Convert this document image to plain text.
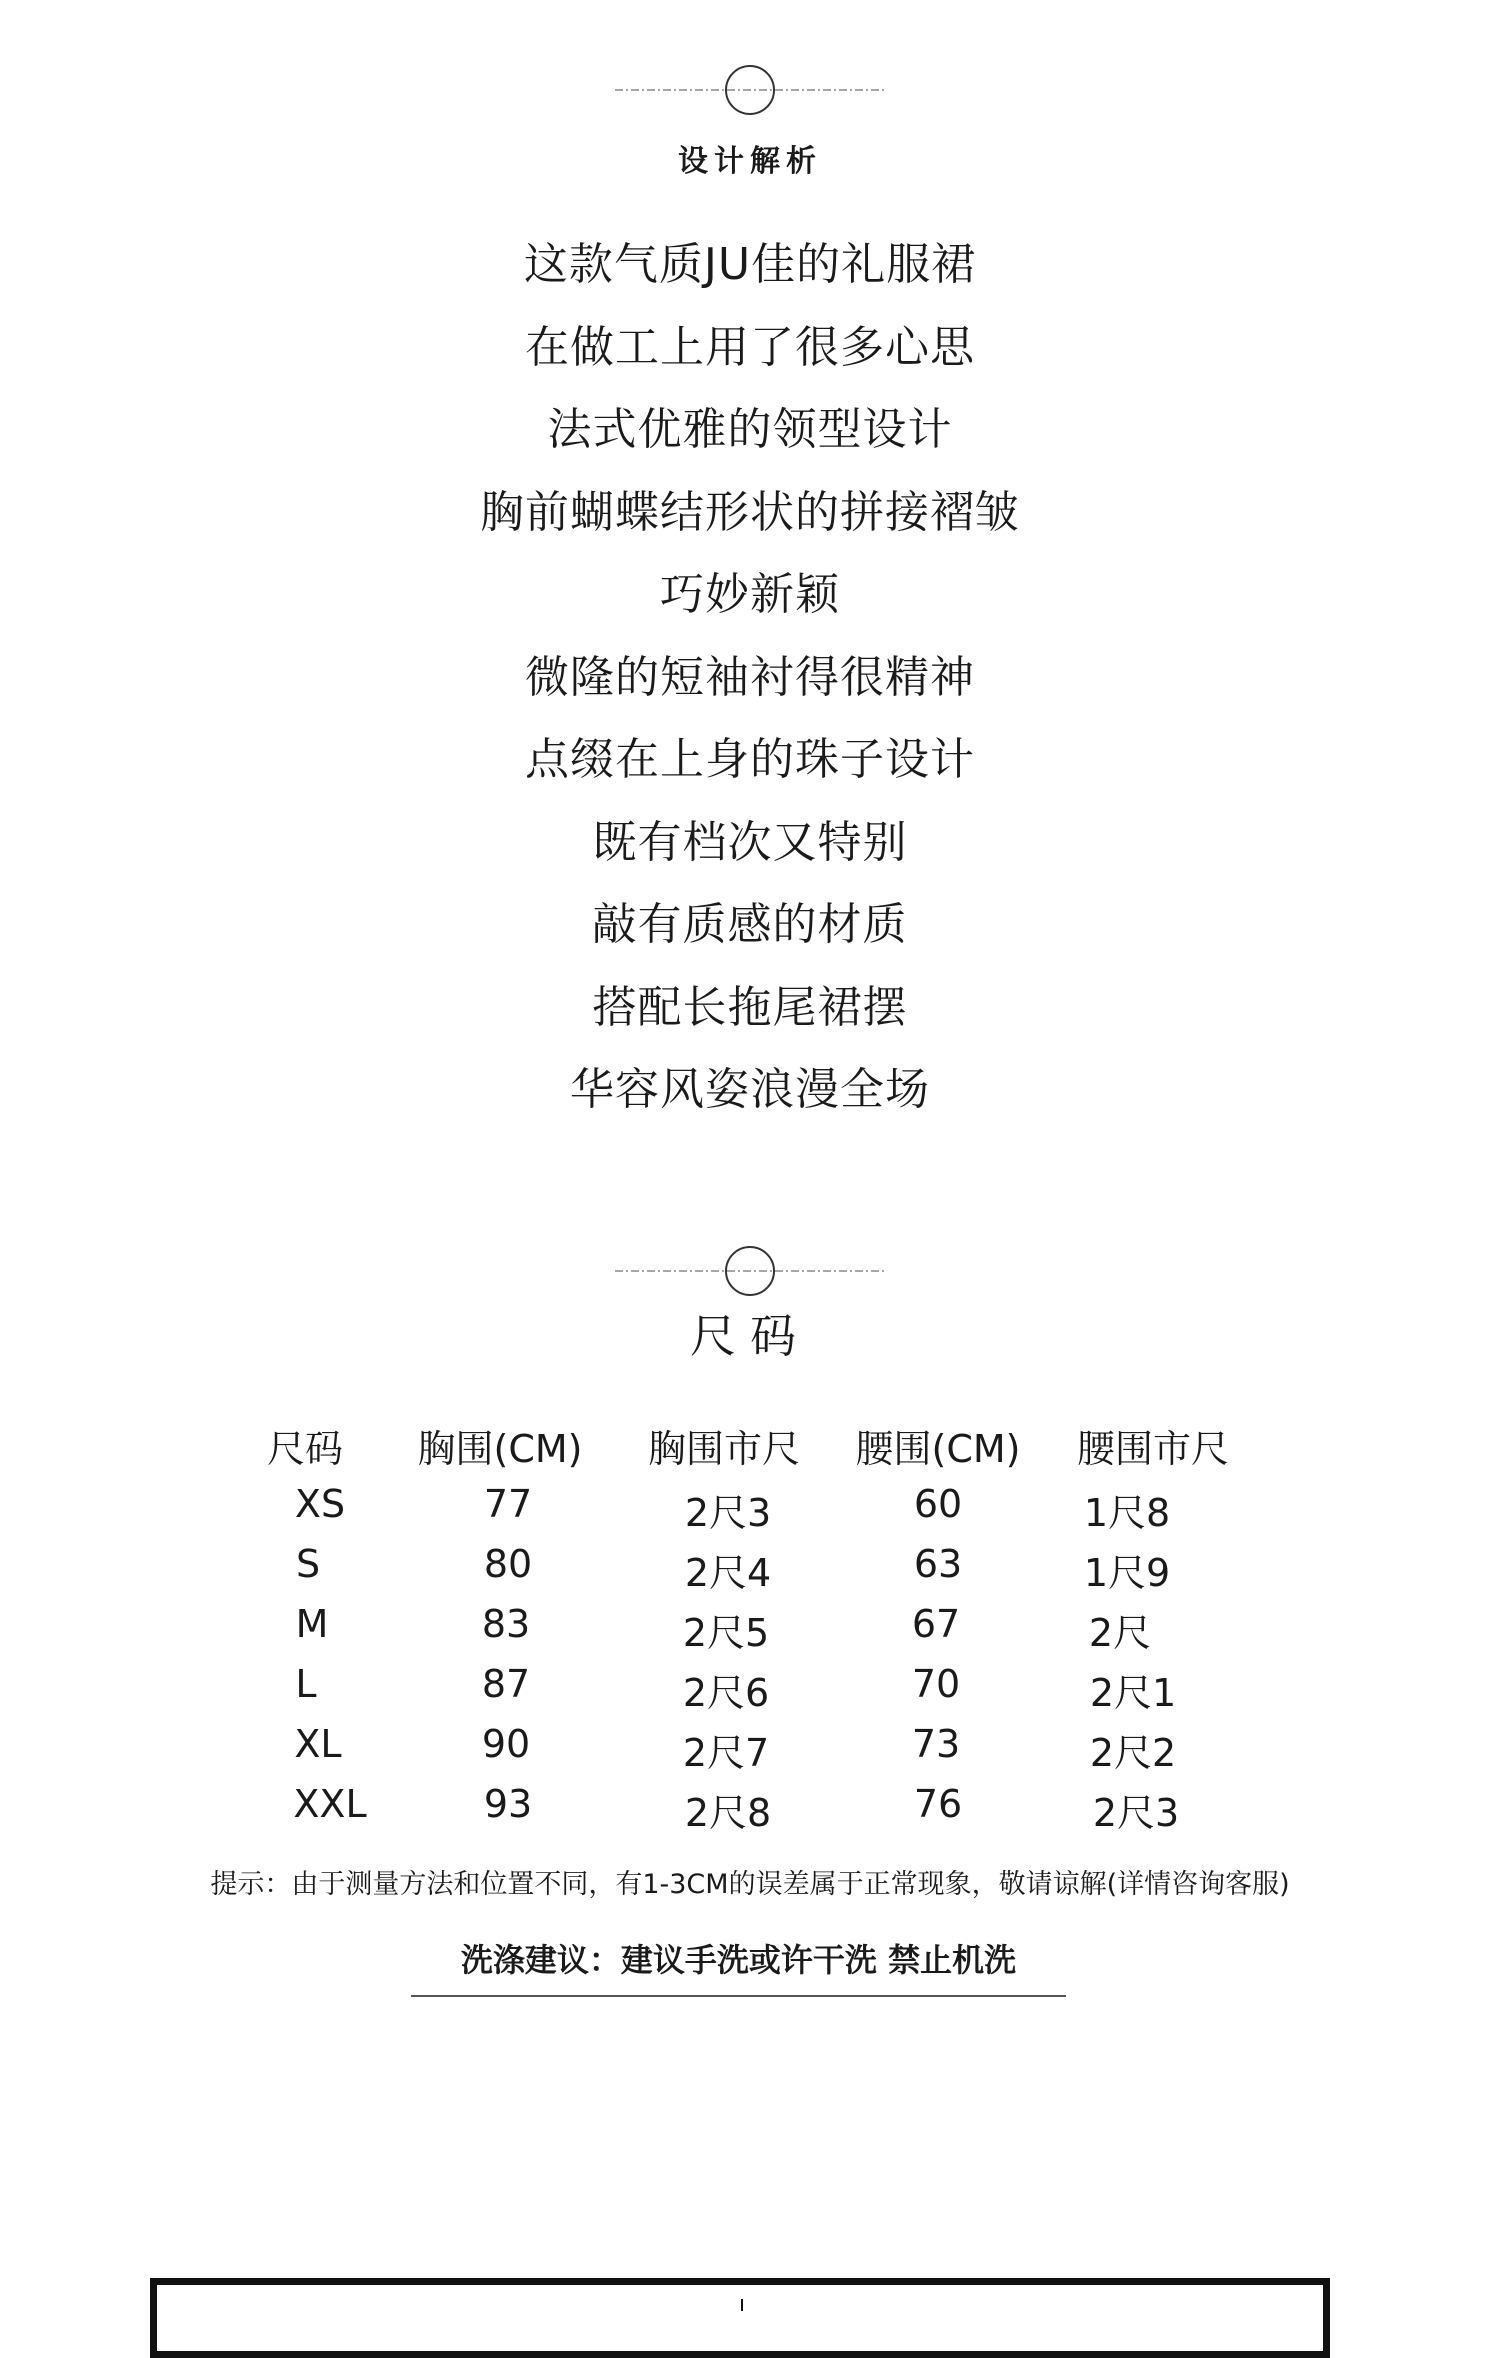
设计解析
这款气质JU佳的礼服裙
在做工上用了很多心思
法式优雅的领型设计
胸前蝴蝶结形状的拼接褶皱
巧妙新颖
微隆的短袖衬得很精神
点缀在上身的珠子设计
既有档次又特别
敲有质感的材质
搭配长拖尾裙摆
华容风姿浪漫全场
尺码
尺码 胸围(CM) 胸围市尺 腰围(CM) 腰围市尺
XS	77	2尺3	60	1尺8
S	80	2尺4	63	1尺9
M	83	2尺5	67	2尺
L	87	2尺6	70	2尺1
XL	90	2尺7	73	2尺2
XXL	93	2尺8	76	2尺3
提示：由于测量方法和位置不同，有1-3CM的误差属于正常现象，敬请谅解(详情咨询客服)
洗涤建议：建议手洗或许干洗 禁止机洗
